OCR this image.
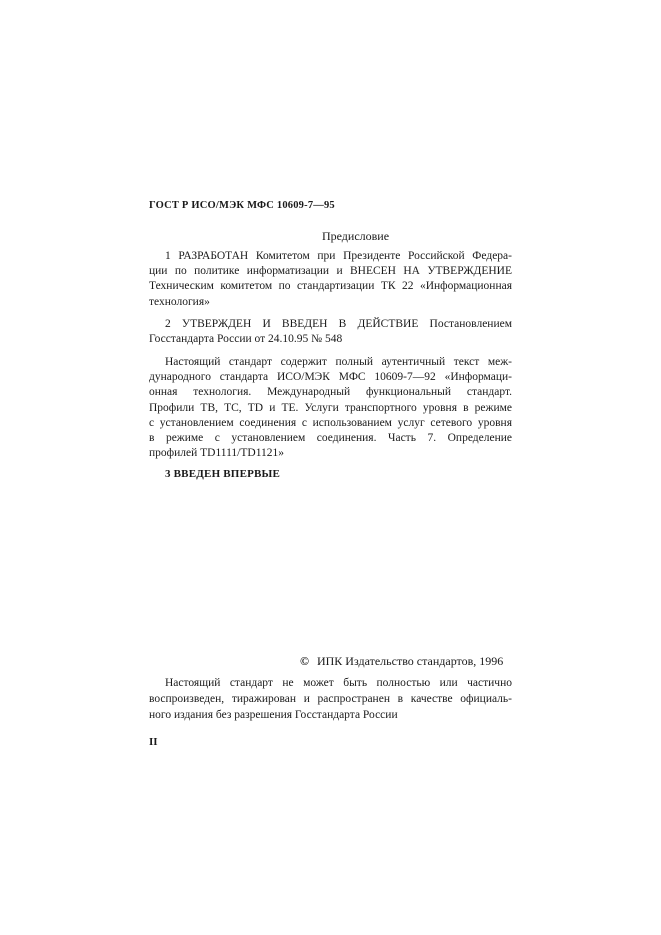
ГОСТ Р ИСО/МЭК МФС 10609-7—95
Предисловие
1 РАЗРАБОТАН Комитетом при Президенте Российской Федера-
ции по политике информатизации и ВНЕСЕН НА УТВЕРЖДЕНИЕ
Техническим комитетом по стандартизации ТК 22 «Информационная
технология»
2 УТВЕРЖДЕН И ВВЕДЕН В ДЕЙСТВИЕ Постановлением
Госстандарта России от 24.10.95 № 548
Настоящий стандарт содержит полный аутентичный текст меж-
дународного стандарта ИСО/МЭК МФС 10609-7—92 «Информаци-
онная технология. Международный функциональный стандарт.
Профили ТВ, ТС, TD и ТЕ. Услуги транспортного уровня в режиме
с установлением соединения с использованием услуг сетевого уровня
в режиме с установлением соединения. Часть 7. Определение
профилей TD1111/TD1121»
3 ВВЕДЕН ВПЕРВЫЕ
© ИПК Издательство стандартов, 1996
Настоящий стандарт не может быть полностью или частично
воспроизведен, тиражирован и распространен в качестве официаль-
ного издания без разрешения Госстандарта России
II
